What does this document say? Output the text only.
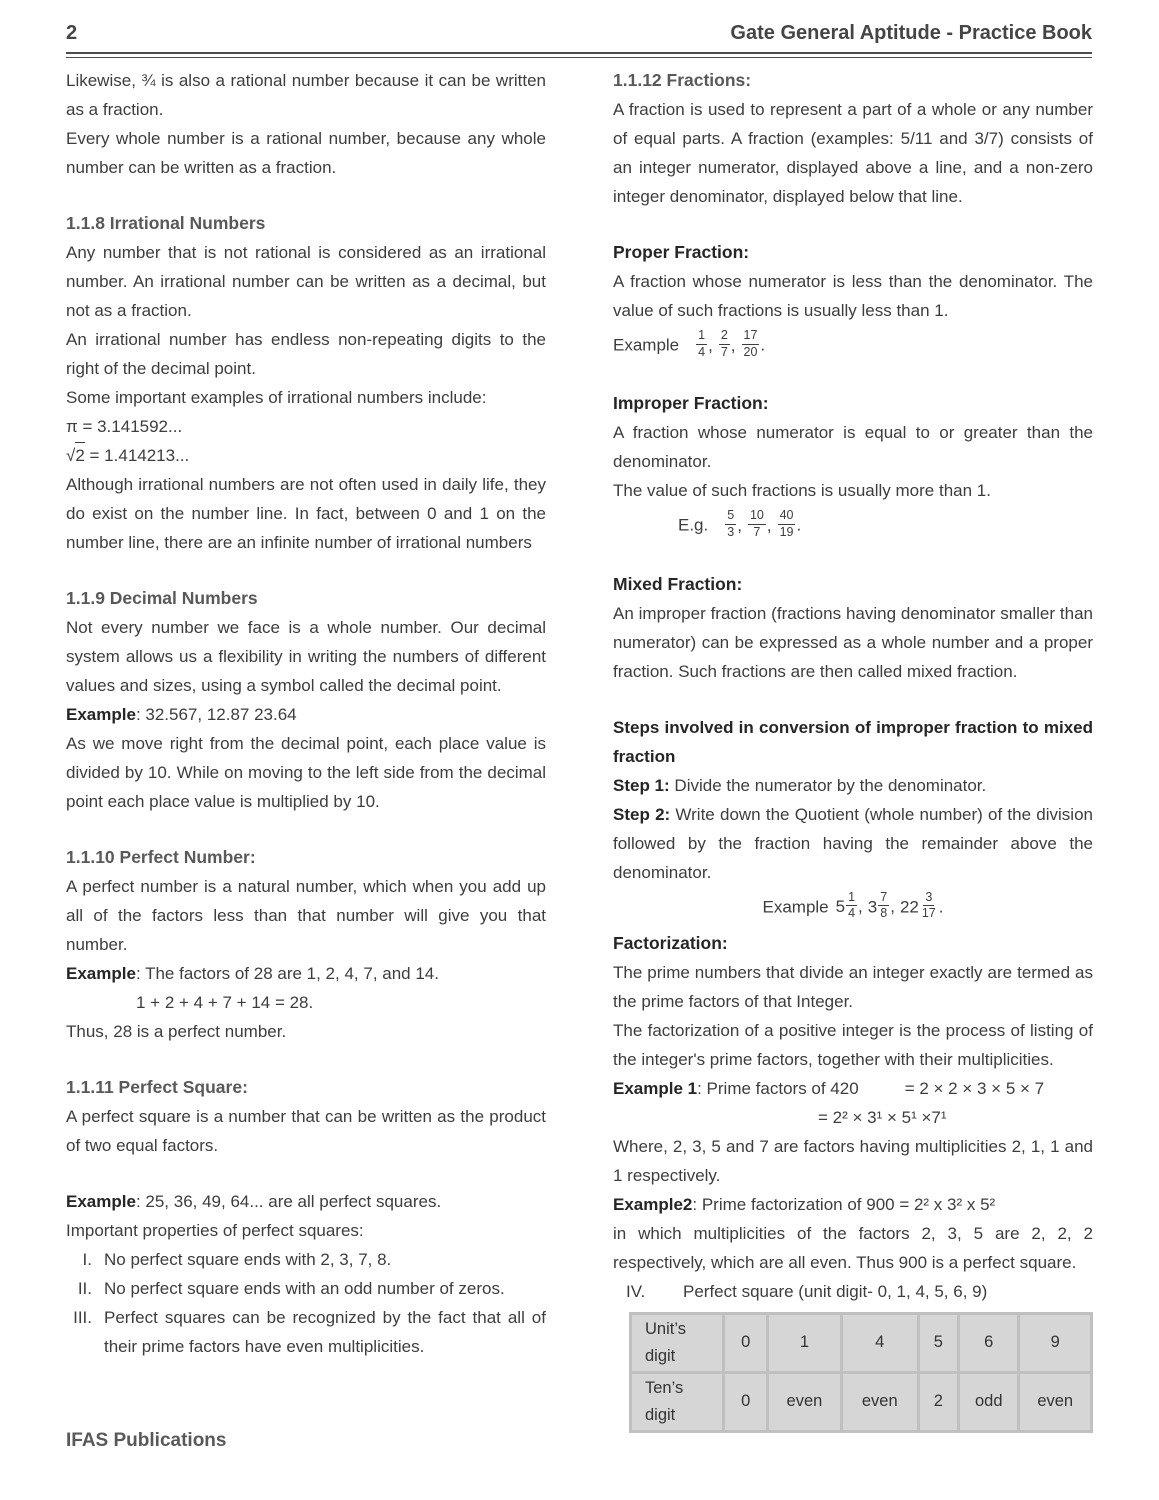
2	Gate General Aptitude - Practice Book

Likewise, ¾ is also a rational number because it can be written as a fraction.

Every whole number is a rational number, because any whole number can be written as a fraction.

1.1.8 Irrational Numbers

Any number that is not rational is considered as an irrational number. An irrational number can be written as a decimal, but not as a fraction.

An irrational number has endless non-repeating digits to the right of the decimal point.

Some important examples of irrational numbers include:

π = 3.141592...

√2 = 1.414213...

Although irrational numbers are not often used in daily life, they do exist on the number line. In fact, between 0 and 1 on the number line, there are an infinite number of irrational numbers

1.1.9 Decimal Numbers

Not every number we face is a whole number. Our decimal system allows us a flexibility in writing the numbers of different values and sizes, using a symbol called the decimal point.

Example: 32.567, 12.87 23.64

As we move right from the decimal point, each place value is divided by 10. While on moving to the left side from the decimal point each place value is multiplied by 10.

1.1.10 Perfect Number:

A perfect number is a natural number, which when you add up all of the factors less than that number will give you that number.

Example: The factors of 28 are 1, 2, 4, 7, and 14.

1 + 2 + 4 + 7 + 14 = 28.

Thus, 28 is a perfect number.

1.1.11 Perfect Square:

A perfect square is a number that can be written as the product of two equal factors.

Example: 25, 36, 49, 64... are all perfect squares.

Important properties of perfect squares:

I. No perfect square ends with 2, 3, 7, 8.
II. No perfect square ends with an odd number of zeros.
III. Perfect squares can be recognized by the fact that all of their prime factors have even multiplicities.
1.1.12 Fractions:

A fraction is used to represent a part of a whole or any number of equal parts. A fraction (examples: 5/11 and 3/7) consists of an integer numerator, displayed above a line, and a non-zero integer denominator, displayed below that line.

Proper Fraction:

A fraction whose numerator is less than the denominator. The value of such fractions is usually less than 1.

Example $\frac{1}{4}$ , $\frac{2}{7}$ , $\frac{17}{20}$ .

Improper Fraction:

A fraction whose numerator is equal to or greater than the denominator.

The value of such fractions is usually more than 1.

E.g. $\frac{5}{3}$ , $\frac{10}{7}$ , $\frac{40}{19}$ .

Mixed Fraction:

An improper fraction (fractions having denominator smaller than numerator) can be expressed as a whole number and a proper fraction. Such fractions are then called mixed fraction.

Steps involved in conversion of improper fraction to mixed fraction

Step 1: Divide the numerator by the denominator.

Step 2: Write down the Quotient (whole number) of the division followed by the fraction having the remainder above the denominator.

Example $5 \frac{1}{4}$ , $3 \frac{7}{8}$ , $22 \frac{3}{17}$ .

Factorization:

The prime numbers that divide an integer exactly are termed as the prime factors of that Integer.

The factorization of a positive integer is the process of listing of the integer's prime factors, together with their multiplicities.

Example 1: Prime factors of 420	= 2 × 2 × 3 × 5 × 7

= 2² × 3¹ × 5¹ ×7¹

Where, 2, 3, 5 and 7 are factors having multiplicities 2, 1, 1 and 1 respectively.

Example2: Prime factorization of 900 = 2² x 3² x 5²

in which multiplicities of the factors 2, 3, 5 are 2, 2, 2 respectively, which are all even. Thus 900 is a perfect square.

IV. Perfect square (unit digit- 0, 1, 4, 5, 6, 9)

Unit’s digit	0	1	4	5	6	9
Ten’s digit	0	even	even	2	odd	even
IFAS Publications
